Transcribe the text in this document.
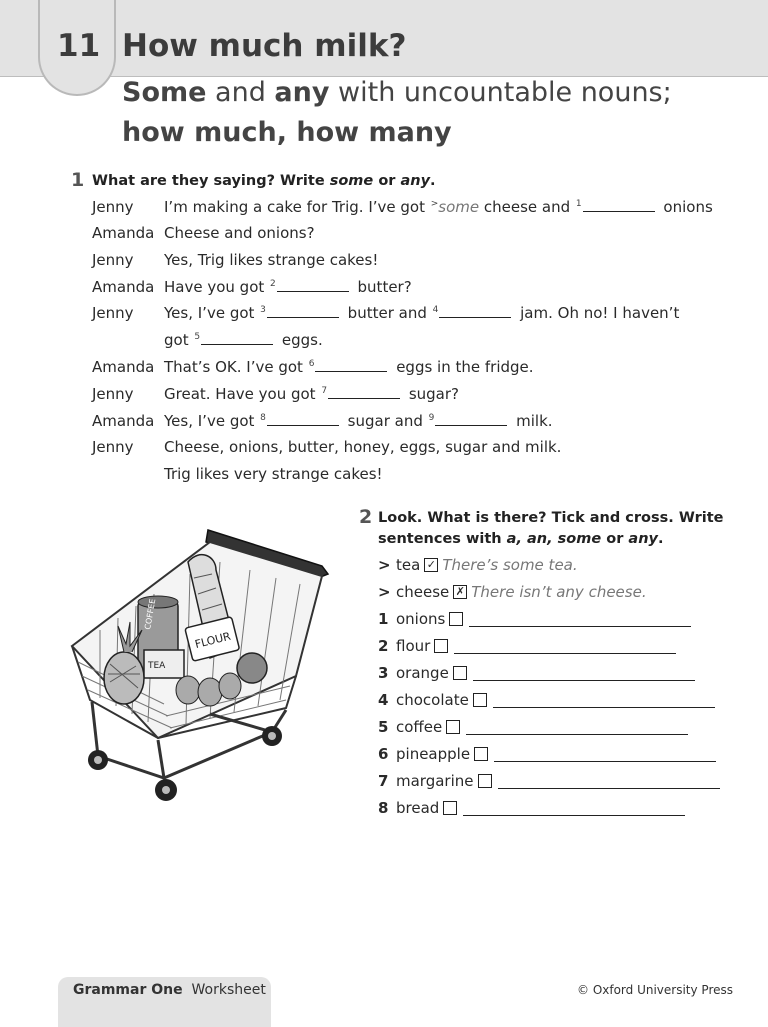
11 How much milk?
Some and any with uncountable nouns;
how much, how many
1 What are they saying? Write some or any.
Jenny I’m making a cake for Trig. I’ve got >some cheese and $^1$	onions
Amanda Cheese and onions?
Jenny Yes, Trig likes strange cakes!
Amanda Have you got $^2$	butter?
Jenny Yes, I’ve got $^3$	butter and $^4$	jam. Oh no! I haven’t
got $^5$	eggs.
Amanda That’s OK. I’ve got $^6$	eggs in the fridge.
Jenny Great. Have you got $^7$	sugar?
Amanda Yes, I’ve got $^8$	sugar and $^9$	milk.
Jenny Cheese, onions, butter, honey, eggs, sugar and milk.
Trig likes very strange cakes!
2 Look. What is there? Tick and cross. Write
sentences with a, an, some or any.
> tea ✓ There’s some tea.
> cheese ✗ There isn’t any cheese.
1 onions
2 flour
3 orange
4 chocolate
5 coffee
6 pineapple
7 margarine
8 bread
COFFEE
FLOUR
TEA
Grammar One Worksheet	© Oxford University Press
